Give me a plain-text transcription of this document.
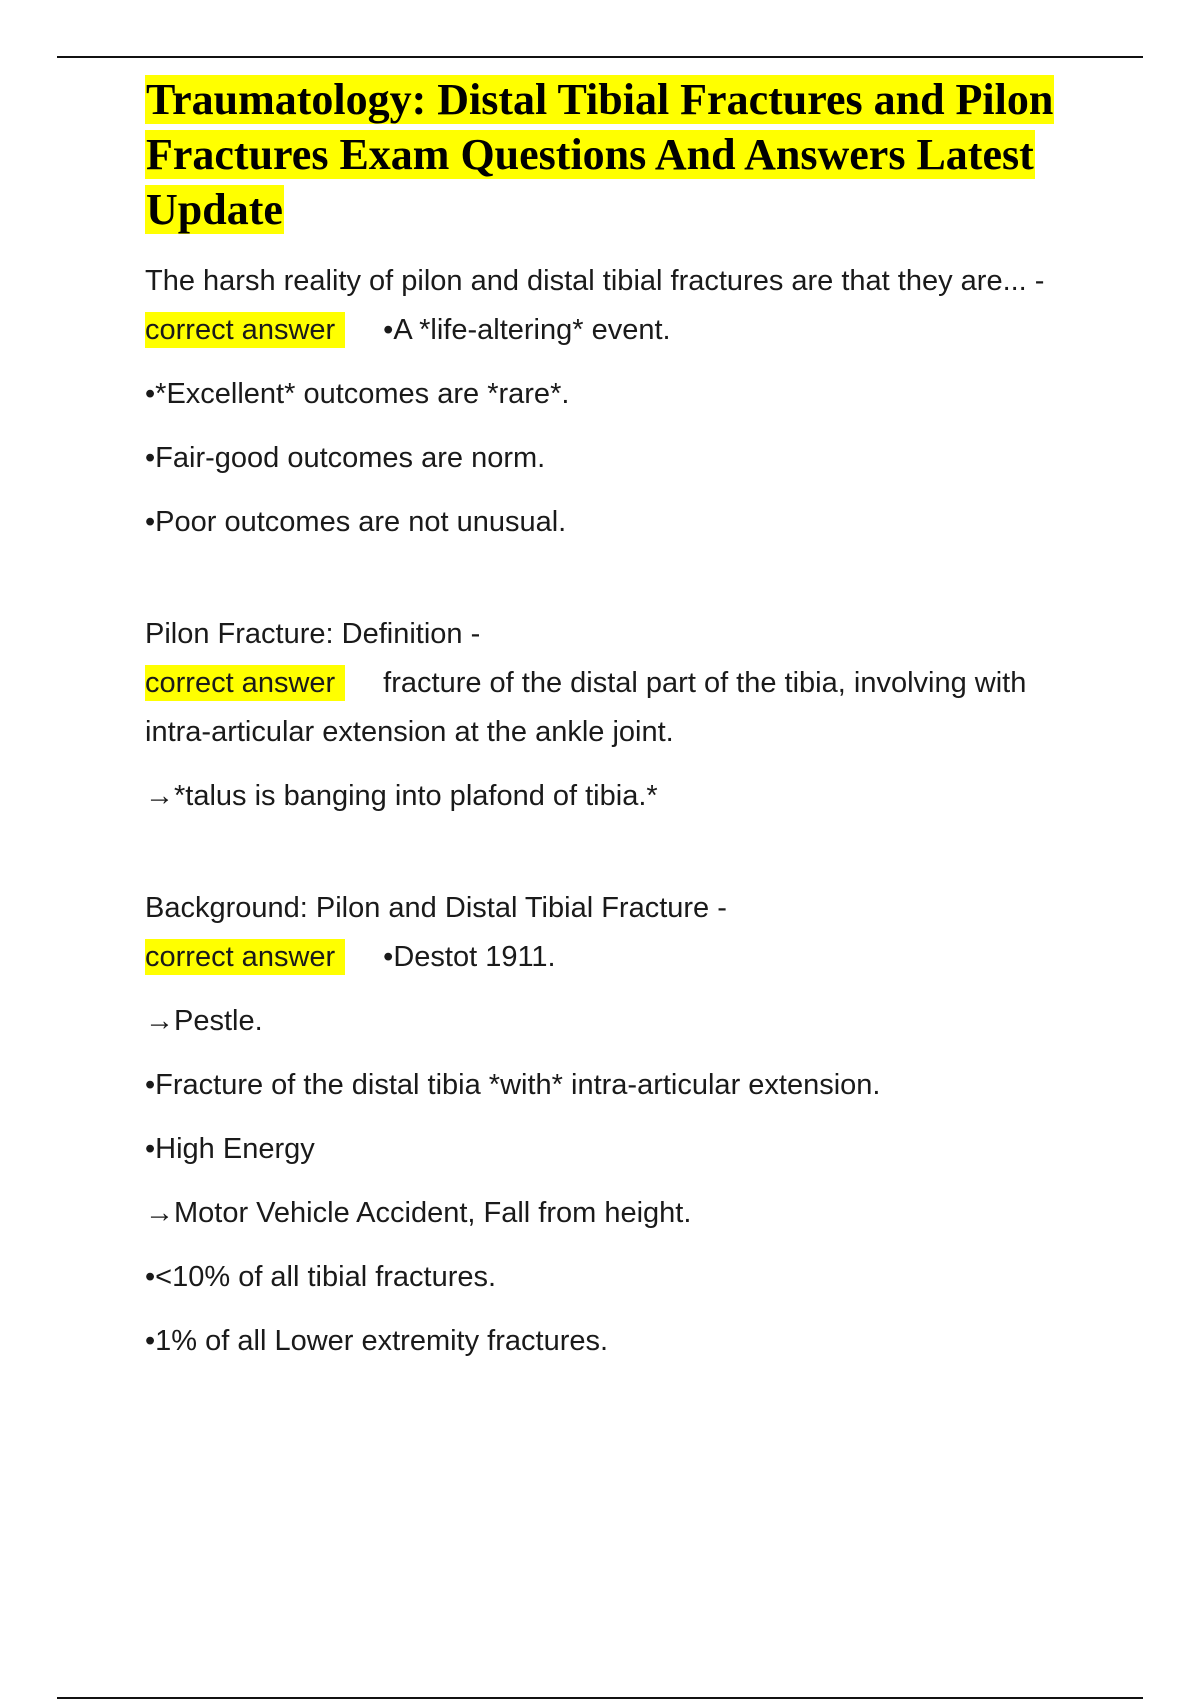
Traumatology: Distal Tibial Fractures and Pilon Fractures Exam Questions And Answers Latest Update

The harsh reality of pilon and distal tibial fractures are that they are... -

correct answer •A *life-altering* event.

•*Excellent* outcomes are *rare*.

•Fair-good outcomes are norm.

•Poor outcomes are not unusual.

Pilon Fracture: Definition -

correct answer fracture of the distal part of the tibia, involving with intra-articular extension at the ankle joint.

→*talus is banging into plafond of tibia.*

Background: Pilon and Distal Tibial Fracture -

correct answer •Destot 1911.

→Pestle.

•Fracture of the distal tibia *with* intra-articular extension.

•High Energy

→Motor Vehicle Accident, Fall from height.

•<10% of all tibial fractures.

•1% of all Lower extremity fractures.
